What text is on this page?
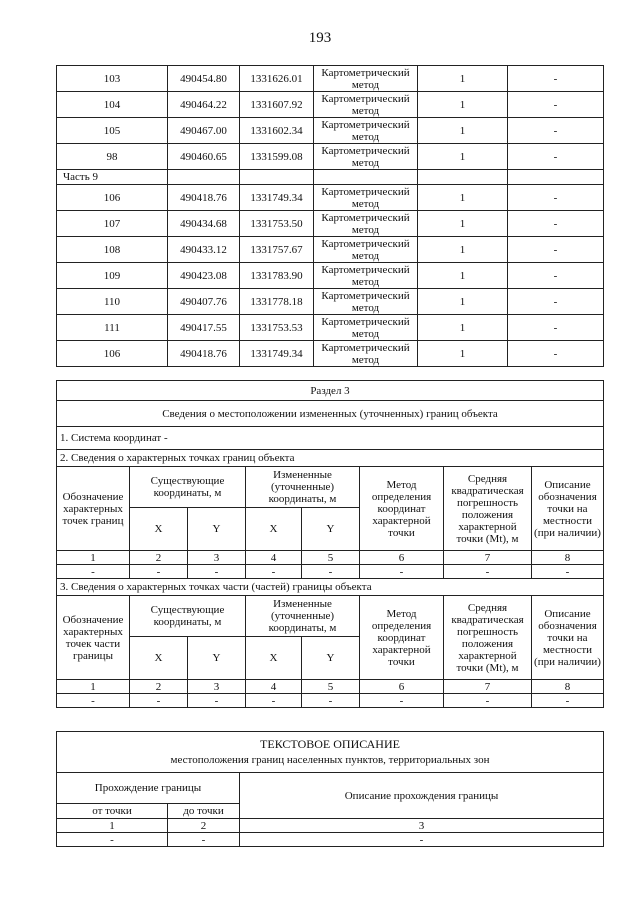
193
103	490454.80	1331626.01	Картометрический метод	1	-
104	490464.22	1331607.92	Картометрический метод	1	-
105	490467.00	1331602.34	Картометрический метод	1	-
98	490460.65	1331599.08	Картометрический метод	1	-
Часть 9					
106	490418.76	1331749.34	Картометрический метод	1	-
107	490434.68	1331753.50	Картометрический метод	1	-
108	490433.12	1331757.67	Картометрический метод	1	-
109	490423.08	1331783.90	Картометрический метод	1	-
110	490407.76	1331778.18	Картометрический метод	1	-
111	490417.55	1331753.53	Картометрический метод	1	-
106	490418.76	1331749.34	Картометрический метод	1	-
Раздел 3							
Сведения о местоположении измененных (уточненных) границ объекта							
1. Система координат -							
2. Сведения о характерных точках границ объекта							
Обозначение характерных точек границ	Существующие координаты, м		Измененные (уточненные) координаты, м		Метод определения координат характерной точки	Средняя квадратическая погрешность положения характерной точки (Mt), м	Описание обозначения точки на местности (при наличии)
	X	Y	X	Y			
1	2	3	4	5	6	7	8
-	-	-	-	-	-	-	-
3. Сведения о характерных точках части (частей) границы объекта							
Обозначение характерных точек части границы	Существующие координаты, м		Измененные (уточненные) координаты, м		Метод определения координат характерной точки	Средняя квадратическая погрешность положения характерной точки (Mt), м	Описание обозначения точки на местности (при наличии)
	X	Y	X	Y			
1	2	3	4	5	6	7	8
-	-	-	-	-	-	-	-
ТЕКСТОВОЕ ОПИСАНИЕ
местоположения границ населенных пунктов, территориальных зон		

Прохождение границы		Описание прохождения границы
от точки	до точки	
1	2	3
-	-	-
